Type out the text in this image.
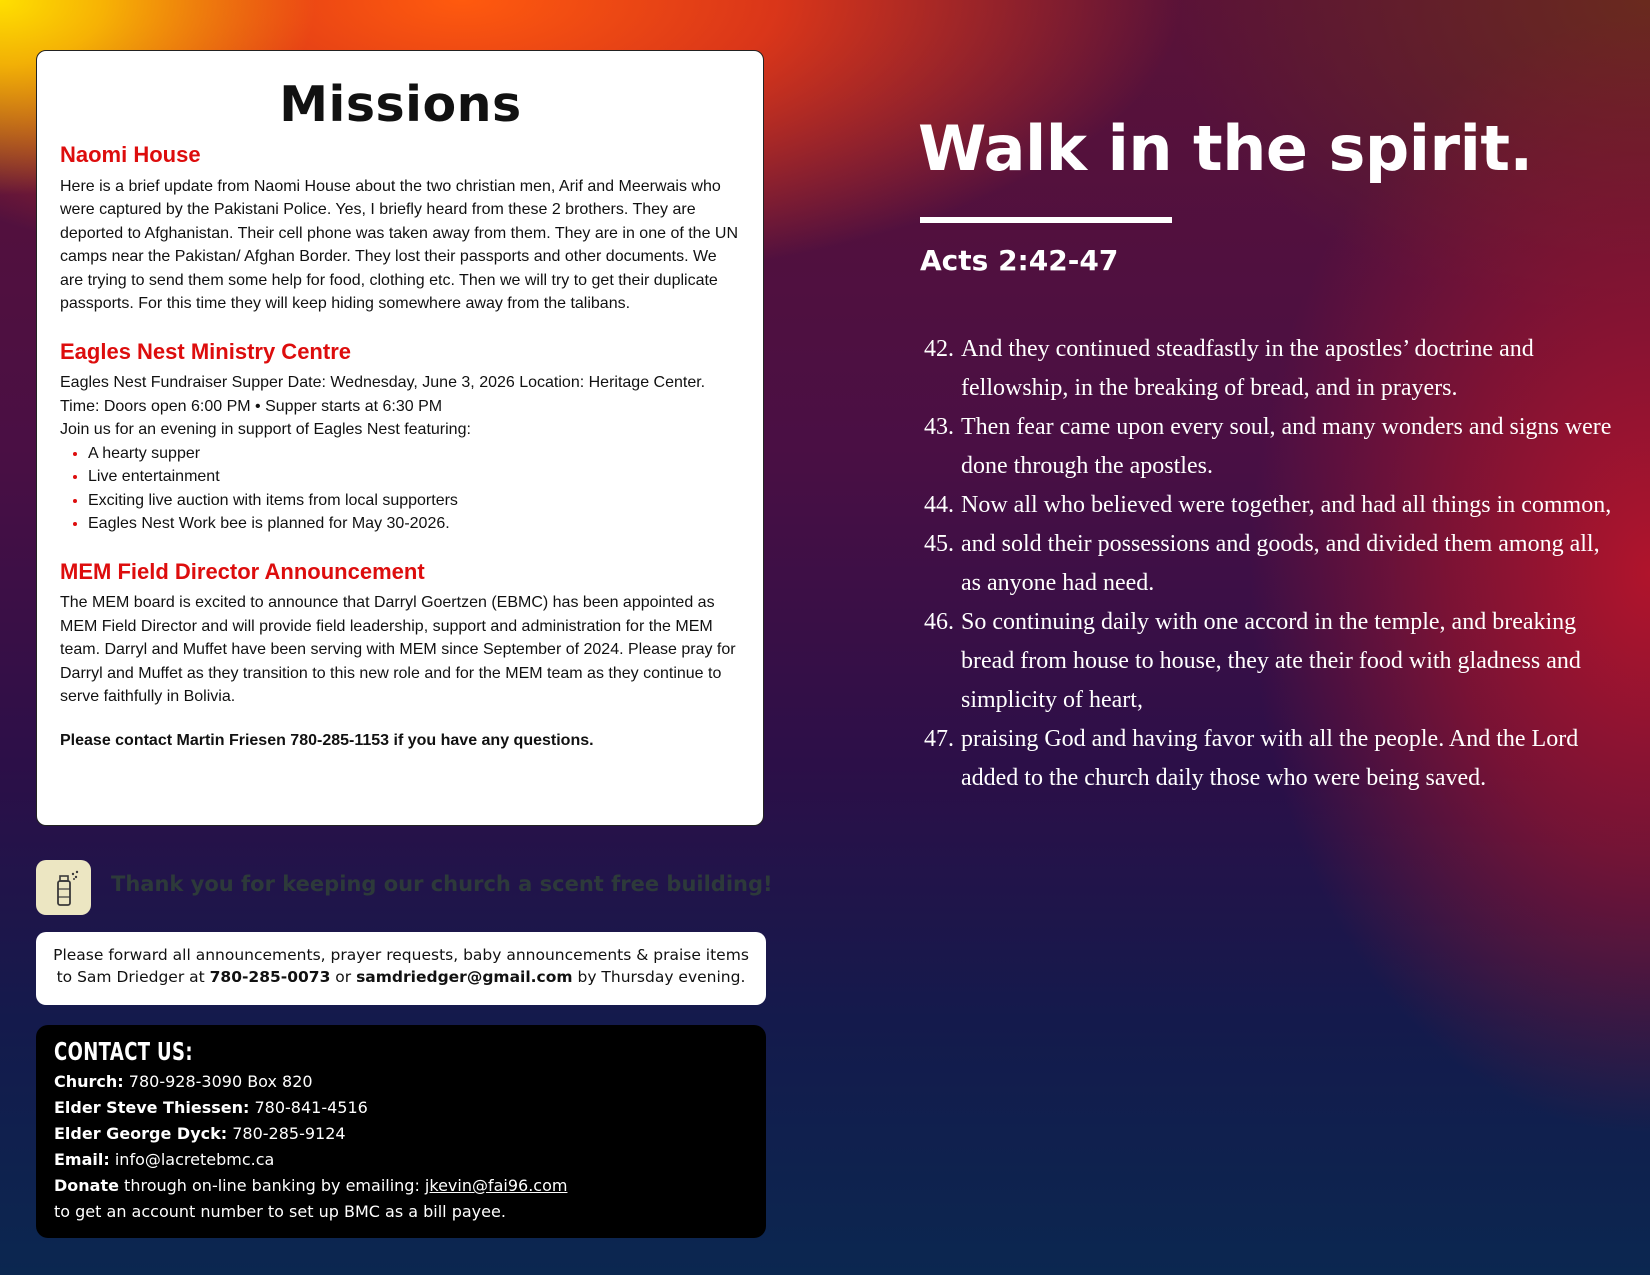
Missions
Naomi House

Here is a brief update from Naomi House about the two christian men, Arif and Meerwais who were captured by the Pakistani Police. Yes, I briefly heard from these 2 brothers. They are deported to Afghanistan. Their cell phone was taken away from them. They are in one of the UN camps near the Pakistan/ Afghan Border. They lost their passports and other documents. We are trying to send them some help for food, clothing etc. Then we will try to get their duplicate passports. For this time they will keep hiding somewhere away from the talibans.

Eagles Nest Ministry Centre
Eagles Nest Fundraiser Supper Date: Wednesday, June 3, 2026 Location: Heritage Center.
Time: Doors open 6:00 PM • Supper starts at 6:30 PM
Join us for an evening in support of Eagles Nest featuring:
• A hearty supper
• Live entertainment
• Exciting live auction with items from local supporters
• Eagles Nest Work bee is planned for May 30-2026.
MEM Field Director Announcement

The MEM board is excited to announce that Darryl Goertzen (EBMC) has been appointed as MEM Field Director and will provide field leadership, support and administration for the MEM team. Darryl and Muffet have been serving with MEM since September of 2024. Please pray for Darryl and Muffet as they transition to this new role and for the MEM team as they continue to serve faithfully in Bolivia.

Please contact Martin Friesen 780-285-1153 if you have any questions.
Thank you for keeping our church a scent free building!
Please forward all announcements, prayer requests, baby announcements & praise items to Sam Driedger at 780-285-0073 or samdriedger@gmail.com by Thursday evening.
CONTACT US:
Church: 780-928-3090 Box 820
Elder Steve Thiessen: 780-841-4516
Elder George Dyck: 780-285-9124
Email: info@lacretebmc.ca
Donate through on-line banking by emailing: jkevin@fai96.com
to get an account number to set up BMC as a bill payee.
Walk in the spirit.
Acts 2:42-47
42. And they continued steadfastly in the apostles’ doctrine and fellowship, in the breaking of bread, and in prayers.
43. Then fear came upon every soul, and many wonders and signs were done through the apostles.
44. Now all who believed were together, and had all things in common,
45. and sold their possessions and goods, and divided them among all, as anyone had need.
46. So continuing daily with one accord in the temple, and breaking bread from house to house, they ate their food with gladness and simplicity of heart,
47. praising God and having favor with all the people. And the Lord added to the church daily those who were being saved.
